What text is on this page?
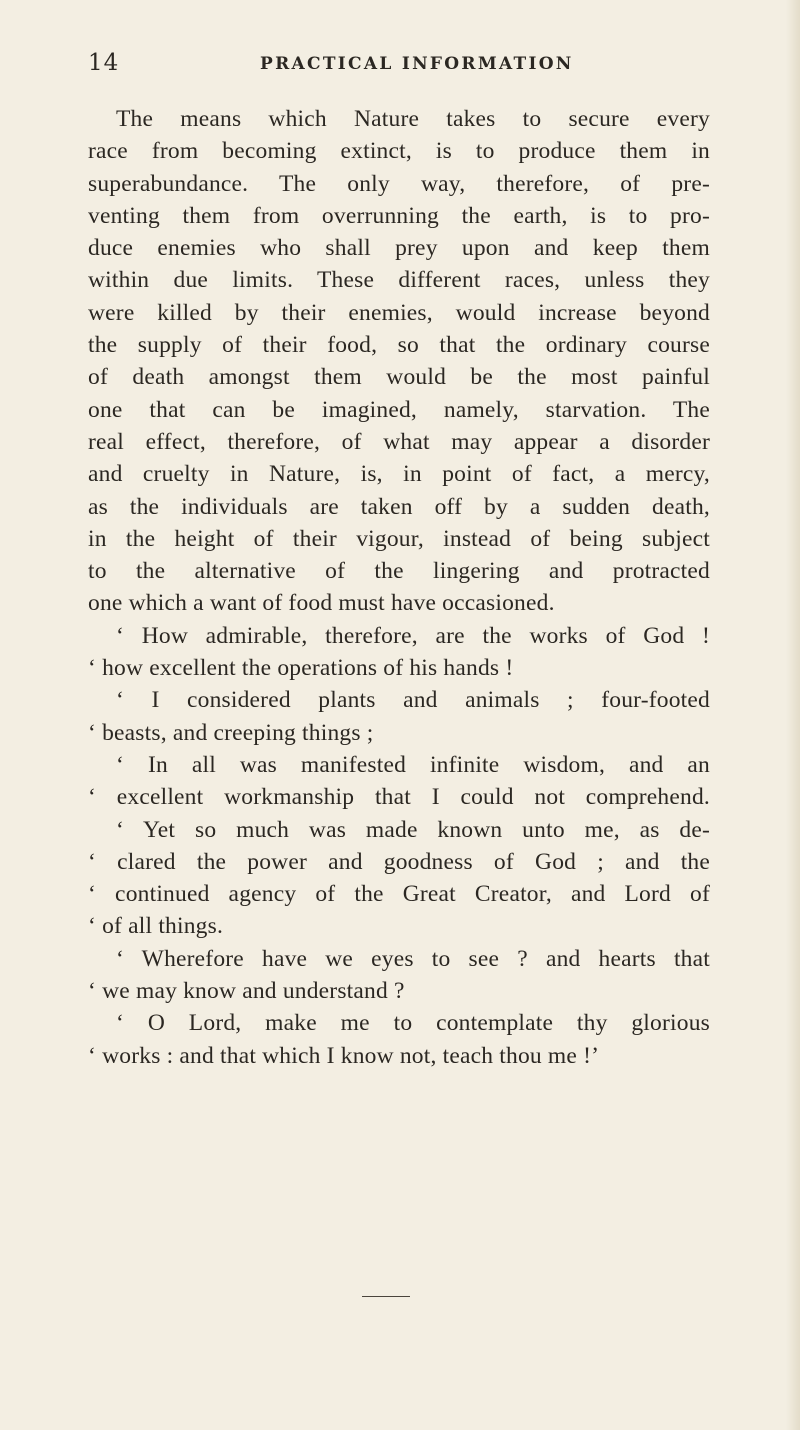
14	PRACTICAL INFORMATION
The means which Nature takes to secure every
race from becoming extinct, is to produce them in
superabundance. The only way, therefore, of pre-
venting them from overrunning the earth, is to pro-
duce enemies who shall prey upon and keep them
within due limits. These different races, unless they
were killed by their enemies, would increase beyond
the supply of their food, so that the ordinary course
of death amongst them would be the most painful
one that can be imagined, namely, starvation. The
real effect, therefore, of what may appear a disorder
and cruelty in Nature, is, in point of fact, a mercy,
as the individuals are taken off by a sudden death,
in the height of their vigour, instead of being subject
to the alternative of the lingering and protracted
one which a want of food must have occasioned.
‘ How admirable, therefore, are the works of God !
‘ how excellent the operations of his hands !
‘ I considered plants and animals ; four-footed
‘ beasts, and creeping things ;
‘ In all was manifested infinite wisdom, and an
‘ excellent workmanship that I could not comprehend.
‘ Yet so much was made known unto me, as de-
‘ clared the power and goodness of God ; and the
‘ continued agency of the Great Creator, and Lord of
‘ of all things.
‘ Wherefore have we eyes to see ? and hearts that
‘ we may know and understand ?
‘ O Lord, make me to contemplate thy glorious
‘ works : and that which I know not, teach thou me !’
